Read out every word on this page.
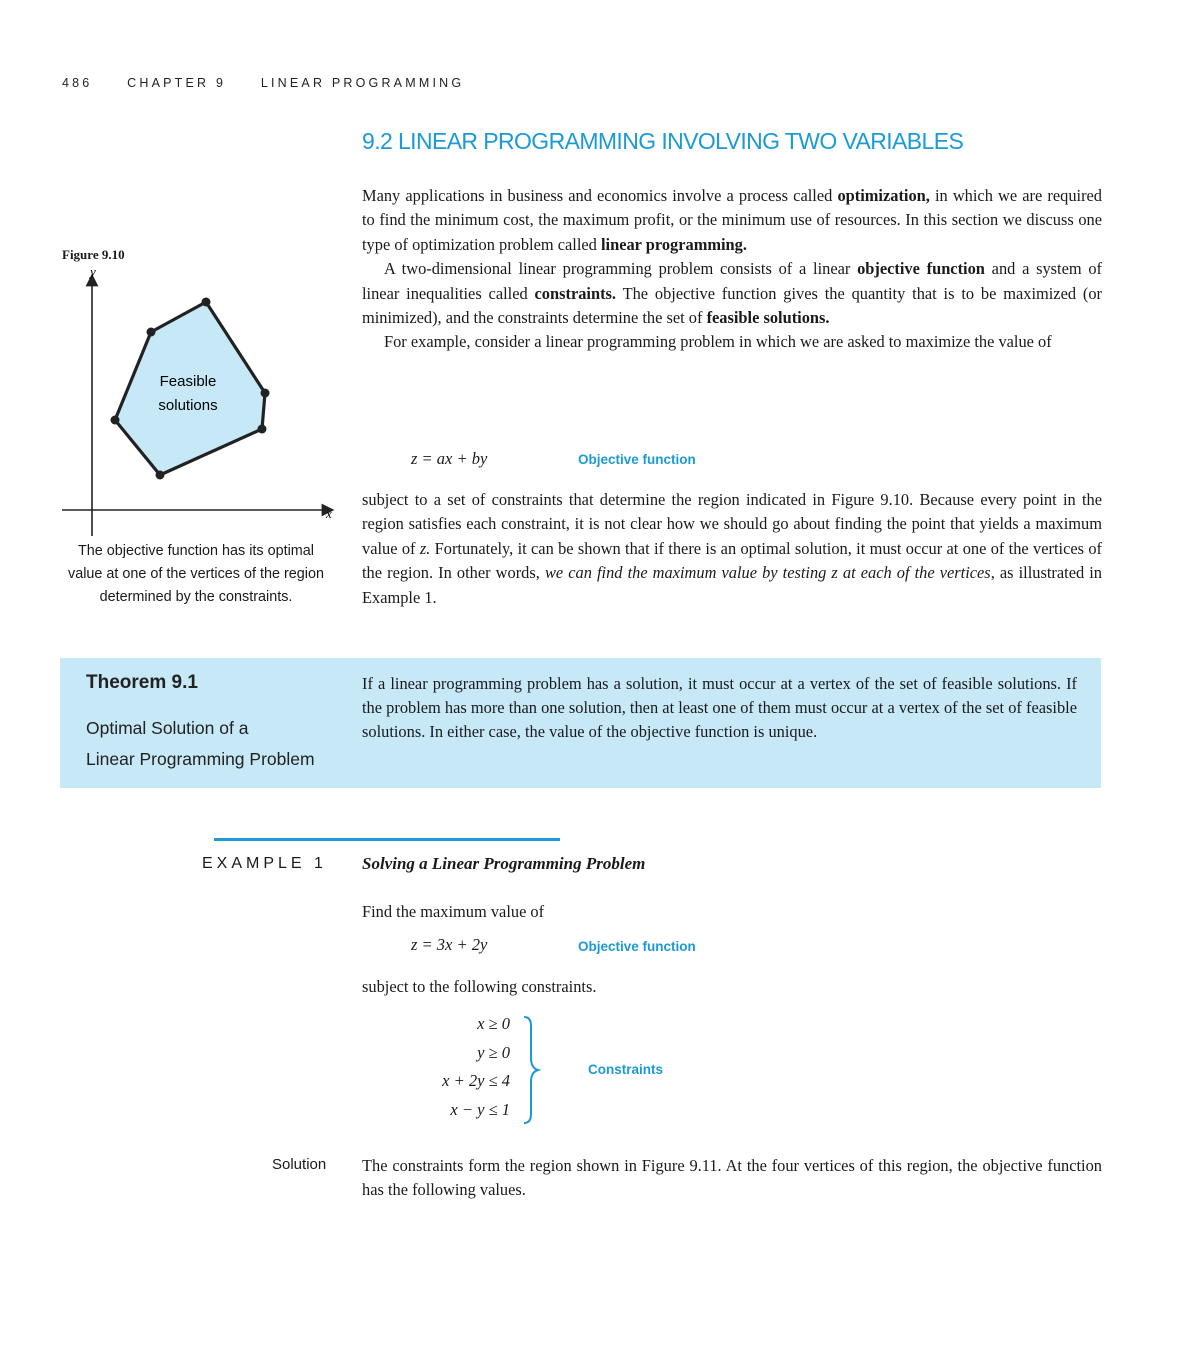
486	CHAPTER 9	LINEAR PROGRAMMING
9.2 LINEAR PROGRAMMING INVOLVING TWO VARIABLES
Many applications in business and economics involve a process called optimization, in which we are required to find the minimum cost, the maximum profit, or the minimum use of resources. In this section we discuss one type of optimization problem called linear programming.
A two-dimensional linear programming problem consists of a linear objective function and a system of linear inequalities called constraints. The objective function gives the quantity that is to be maximized (or minimized), and the constraints determine the set of feasible solutions.
For example, consider a linear programming problem in which we are asked to maximize the value of
z = ax + by	Objective function
subject to a set of constraints that determine the region indicated in Figure 9.10. Because every point in the region satisfies each constraint, it is not clear how we should go about finding the point that yields a maximum value of z. Fortunately, it can be shown that if there is an optimal solution, it must occur at one of the vertices of the region. In other words, we can find the maximum value by testing z at each of the vertices, as illustrated in Example 1.
Figure 9.10
y
x
Feasible
solutions
The objective function has its optimal value at one of the vertices of the region determined by the constraints.
Theorem 9.1
Optimal Solution of a
Linear Programming Problem
If a linear programming problem has a solution, it must occur at a vertex of the set of feasible solutions. If the problem has more than one solution, then at least one of them must occur at a vertex of the set of feasible solutions. In either case, the value of the objective function is unique.
EXAMPLE 1 Solving a Linear Programming Problem
Find the maximum value of
z = 3x + 2y	Objective function
subject to the following constraints.
x ≥ 0
y ≥ 0
x + 2y ≤ 4
x − y ≤ 1
Constraints
Solution The constraints form the region shown in Figure 9.11. At the four vertices of this region, the objective function has the following values.
